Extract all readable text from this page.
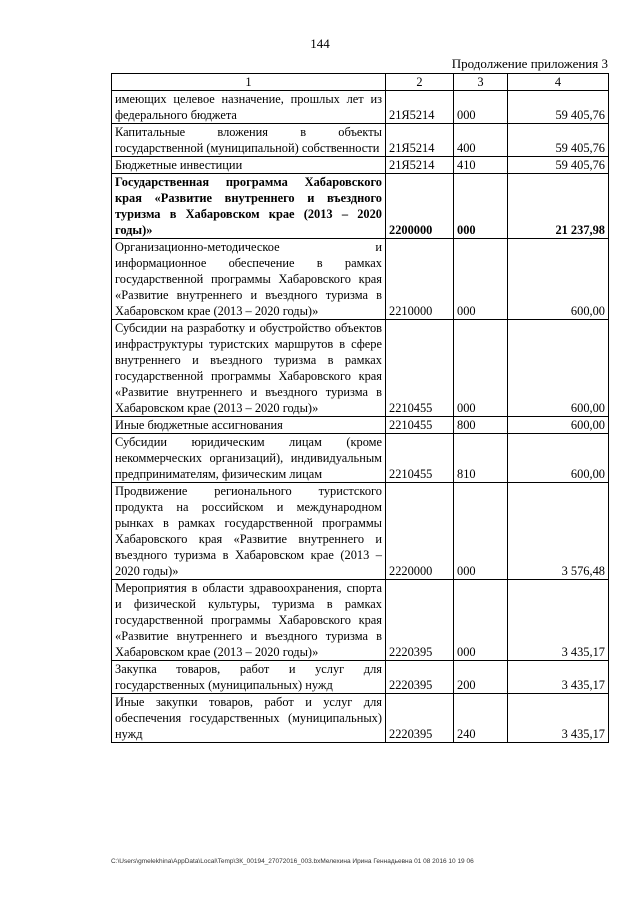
144
Продолжение приложения 3
1	2	3	4
имеющих целевое назначение, прошлых лет из федерального бюджета	21Я5214	000	59 405,76
Капитальные вложения в объекты государственной (муниципальной) собственности	21Я5214	400	59 405,76
Бюджетные инвестиции	21Я5214	410	59 405,76
Государственная программа Хабаровского края «Развитие внутреннего и въездного туризма в Хабаровском крае (2013 – 2020 годы)»	2200000	000	21 237,98
Организационно-методическое и информационное обеспечение в рамках государственной программы Хабаровского края «Развитие внутреннего и въездного туризма в Хабаровском крае (2013 – 2020 годы)»	2210000	000	600,00
Субсидии на разработку и обустройство объектов инфраструктуры туристских маршрутов в сфере внутреннего и въездного туризма в рамках государственной программы Хабаровского края «Развитие внутреннего и въездного туризма в Хабаровском крае (2013 – 2020 годы)»	2210455	000	600,00
Иные бюджетные ассигнования	2210455	800	600,00
Субсидии юридическим лицам (кроме некоммерческих организаций), индивидуальным предпринимателям, физическим лицам	2210455	810	600,00
Продвижение регионального туристского продукта на российском и международном рынках в рамках государственной программы Хабаровского края «Развитие внутреннего и въездного туризма в Хабаровском крае (2013 – 2020 годы)»	2220000	000	3 576,48
Мероприятия в области здравоохранения, спорта и физической культуры, туризма в рамках государственной программы Хабаровского края «Развитие внутреннего и въездного туризма в Хабаровском крае (2013 – 2020 годы)»	2220395	000	3 435,17
Закупка товаров, работ и услуг для государственных (муниципальных) нужд	2220395	200	3 435,17
Иные закупки товаров, работ и услуг для обеспечения государственных (муниципальных) нужд	2220395	240	3 435,17
C:\Users\gmelekhina\AppData\Local\Temp\ЗК_00194_27072016_003.bxМелехина Ирина Геннадьевна 01 08 2016 10 19 06
